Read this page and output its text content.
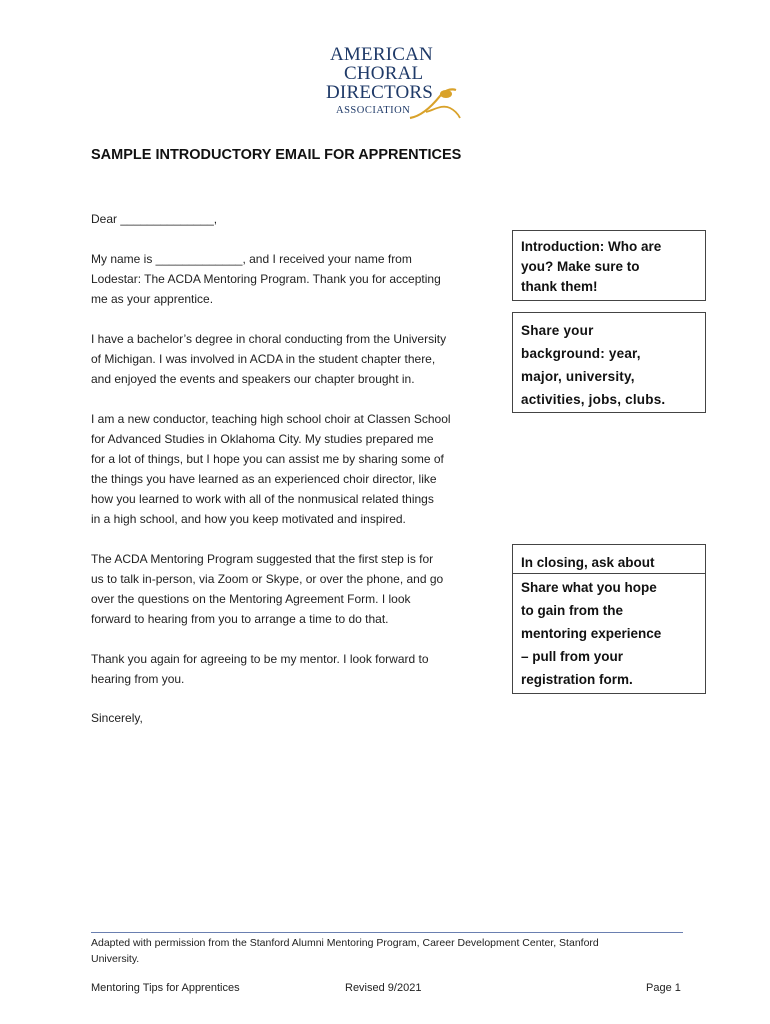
AMERICAN
CHORAL
DIRECTORS
ASSOCIATION
SAMPLE INTRODUCTORY EMAIL FOR APPRENTICES
Dear ______________,
My name is _____________, and I received your name from
Lodestar: The ACDA Mentoring Program. Thank you for accepting
me as your apprentice.
I have a bachelor’s degree in choral conducting from the University
of Michigan. I was involved in ACDA in the student chapter there,
and enjoyed the events and speakers our chapter brought in.
I am a new conductor, teaching high school choir at Classen School
for Advanced Studies in Oklahoma City. My studies prepared me
for a lot of things, but I hope you can assist me by sharing some of
the things you have learned as an experienced choir director, like
how you learned to work with all of the nonmusical related things
in a high school, and how you keep motivated and inspired.
The ACDA Mentoring Program suggested that the first step is for
us to talk in-person, via Zoom or Skype, or over the phone, and go
over the questions on the Mentoring Agreement Form. I look
forward to hearing from you to arrange a time to do that.
Thank you again for agreeing to be my mentor. I look forward to
hearing from you.
Sincerely,
Introduction: Who are
you? Make sure to
thank them!
Share your
background: year,
major, university,
activities, jobs, clubs.
In closing, ask about
Share what you hope
to gain from the
mentoring experience
– pull from your
registration form.
Adapted with permission from the Stanford Alumni Mentoring Program, Career Development Center, Stanford
University.
Mentoring Tips for Apprentices	Revised 9/2021	Page 1
